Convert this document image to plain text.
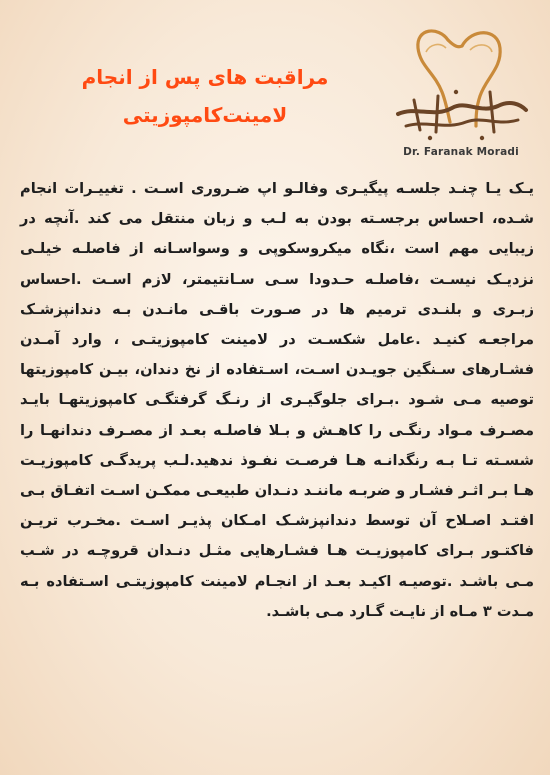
Dr. Faranak Moradi
مراقبت های پس از انجام
لامینت‌کامپوزیتی

یـک یـا چنـد جلسـه پیگیـری وفالـو اپ ضـروری اسـت . تغییـرات انجام شـده، احساس برجسـته بودن به لـب و زبان منتقل می کند .آنچه در زیبایی مهم است ،نگاه میکروسکوپی و وسواسـانه از فاصلـه خیلـی نزدیـک نیسـت ،فاصلـه حـدودا سـی سـانتیمتر، لازم اسـت .احساس زبـری و بلنـدی ترمیم ها در صـورت باقـی مانـدن بـه دندانپزشـک مراجعـه کنیـد .عامل شکسـت در لامینت کامپوزیتـی ، وارد آمـدن فشـارهای سـنگین جویـدن اسـت، اسـتفاده از نخ دندان، بیـن کامپوزیتها توصیه مـی شـود .بـرای جلوگیـری از رنـگ گرفتگـی کامپوزیتهـا بایـد مصـرف مـواد رنگـی را کاهـش و بـلا فاصلـه بعـد از مصـرف دندانهـا را شسـته تـا بـه رنگدانـه هـا فرصـت نفـوذ ندهید.لـب پریدگـی کامپوزیـت هـا بـر اثـر فشـار و ضربـه ماننـد دنـدان طبیعـی ممکـن اسـت اتفـاق بـی افتـد اصـلاح آن توسط دندانپزشـک امـکان پذیـر اسـت .مخـرب تریـن فاکتـور بـرای کامپوزیـت هـا فشـارهایی مثـل دنـدان قروچـه در شـب مـی باشـد .توصیـه اکیـد بعـد از انجـام لامینت کامپوزیتـی اسـتفاده بـه مـدت ۳ مـاه از نایـت گـارد مـی باشـد.
